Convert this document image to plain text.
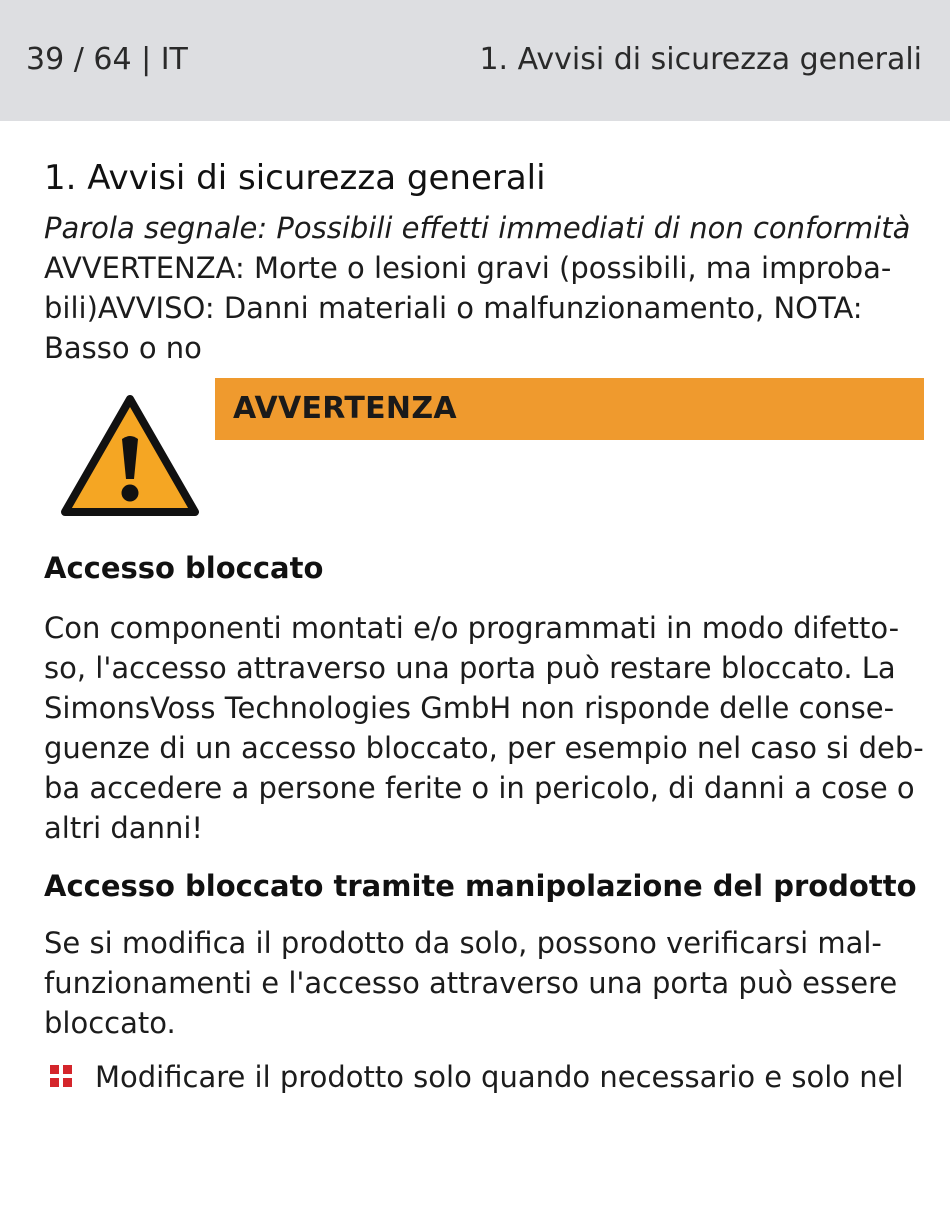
39 / 64 | IT	1. Avvisi di sicurezza generali
1. Avvisi di sicurezza generali
Parola segnale: Possibili effetti immediati di non conformità
AVVERTENZA: Morte o lesioni gravi (possibili, ma improba-
bili)AVVISO: Danni materiali o malfunzionamento, NOTA:
Basso o no
AVVERTENZA
Accesso bloccato
Con componenti montati e/o programmati in modo difetto-
so, l'accesso attraverso una porta può restare bloccato. La
SimonsVoss Technologies GmbH non risponde delle conse-
guenze di un accesso bloccato, per esempio nel caso si deb-
ba accedere a persone ferite o in pericolo, di danni a cose o
altri danni!
Accesso bloccato tramite manipolazione del prodotto
Se si modifica il prodotto da solo, possono verificarsi mal-
funzionamenti e l'accesso attraverso una porta può essere
bloccato.
Modificare il prodotto solo quando necessario e solo nel
